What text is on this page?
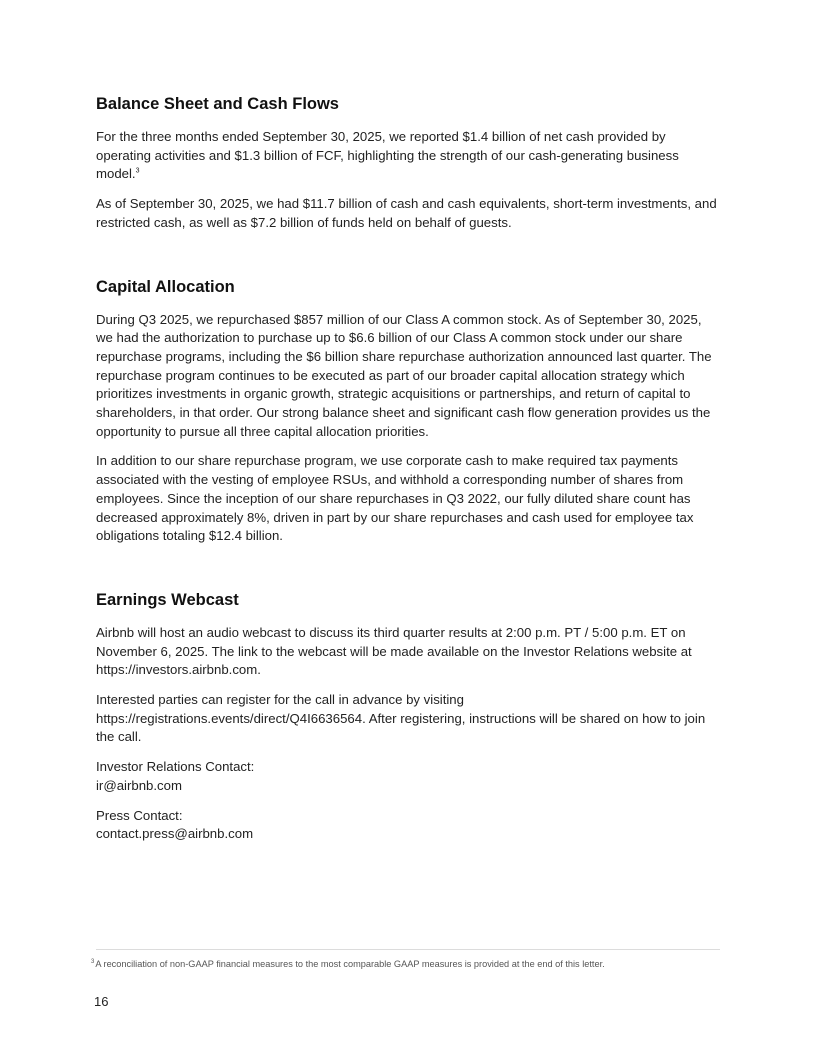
Balance Sheet and Cash Flows

For the three months ended September 30, 2025, we reported $1.4 billion of net cash provided by operating activities and $1.3 billion of FCF, highlighting the strength of our cash-generating business model.$^3$

As of September 30, 2025, we had $11.7 billion of cash and cash equivalents, short-term investments, and restricted cash, as well as $7.2 billion of funds held on behalf of guests.

Capital Allocation

During Q3 2025, we repurchased $857 million of our Class A common stock. As of September 30, 2025, we had the authorization to purchase up to $6.6 billion of our Class A common stock under our share repurchase programs, including the $6 billion share repurchase authorization announced last quarter. The repurchase program continues to be executed as part of our broader capital allocation strategy which prioritizes investments in organic growth, strategic acquisitions or partnerships, and return of capital to shareholders, in that order. Our strong balance sheet and significant cash flow generation provides us the opportunity to pursue all three capital allocation priorities.

In addition to our share repurchase program, we use corporate cash to make required tax payments associated with the vesting of employee RSUs, and withhold a corresponding number of shares from employees. Since the inception of our share repurchases in Q3 2022, our fully diluted share count has decreased approximately 8%, driven in part by our share repurchases and cash used for employee tax obligations totaling $12.4 billion.

Earnings Webcast

Airbnb will host an audio webcast to discuss its third quarter results at 2:00 p.m. PT / 5:00 p.m. ET on November 6, 2025. The link to the webcast will be made available on the Investor Relations website at https://investors.airbnb.com.

Interested parties can register for the call in advance by visiting https://registrations.events/direct/Q4I6636564. After registering, instructions will be shared on how to join the call.

Investor Relations Contact:
ir@airbnb.com

Press Contact:
contact.press@airbnb.com

$^3$A reconciliation of non-GAAP financial measures to the most comparable GAAP measures is provided at the end of this letter.
16
